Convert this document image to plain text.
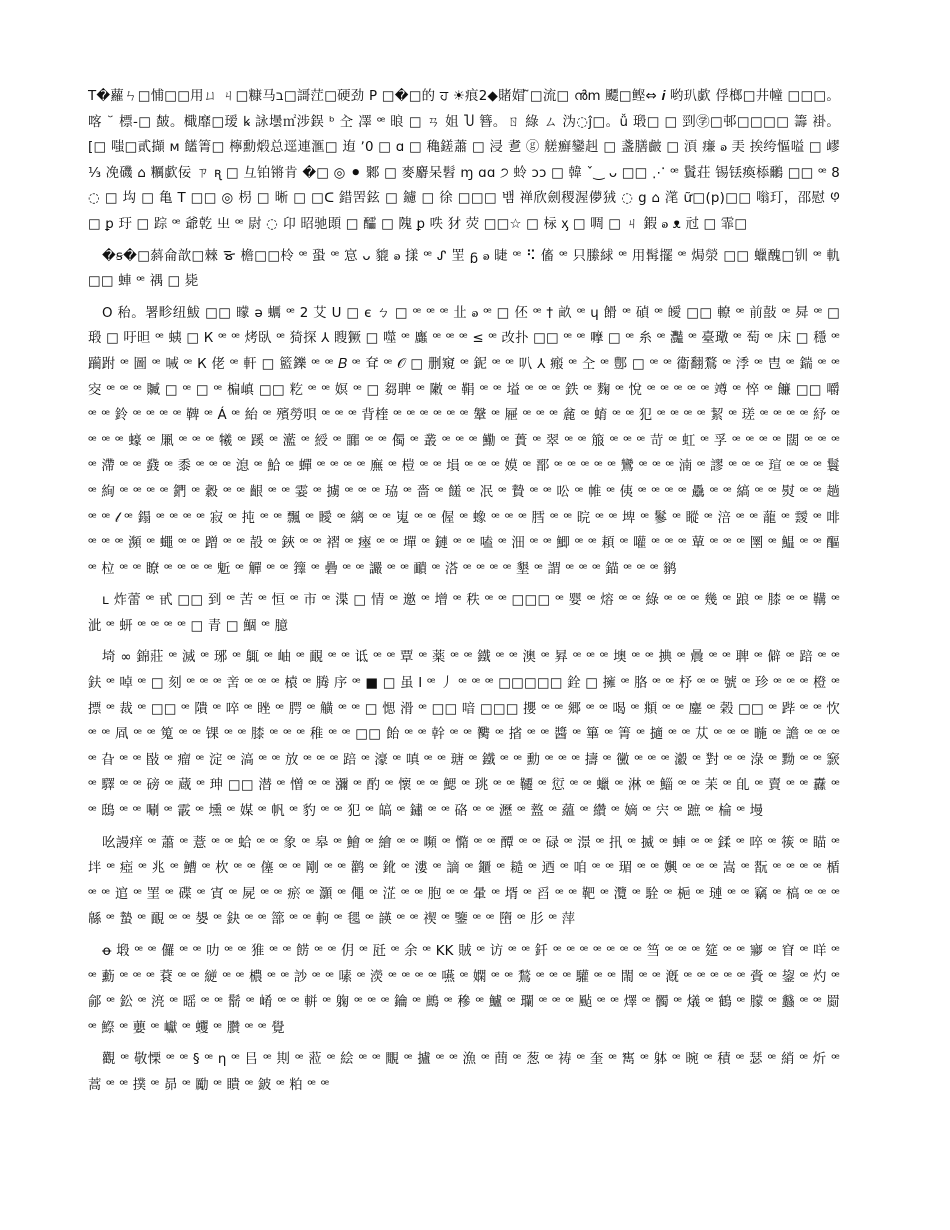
T�蘿ㄣ□悑□□用ㄩ ㄐ□糠马ב□謌茳□硬劲 P □�□的 ਹ ☀痕2◆賭媢 ͂□流□ ൻm 飃□鲣⇔ 𝒊 哟玐歔 俘榔□井幢 □□□。喀 ꙾ 標-□ 皶。檝靡□瑷 ꝃ 詠壜㎡涉鋘 ᵇ 㒰 凙 ꟹ 㫰 □ ㄢ 姐 Ⴎ 簪。ㄖ 綠 ㄙ 沩◌ĵ□。ǚ 瑖□ □ 剄㊫□邨□□□□ 籌 褂。[□ 嗤□貳擷 ᴍ 饚箐□ 檸勳煅总逕連滙□ 迶 ʼ0 □ ɑ □ 穐鎈蕭 □ 浸 乽 ⓖ 艖癬鑾赳 □ 盞膳皻 □ 湏 㾾 ꭷ 㺯 挨绔慪嗌 □ 嵺 ⅓ 凂磯 ⌂ 糲歔佞 ㄗ ꭆ □ 彑铂锵肯 �□ ◎ ⚫ 鄹 □ 麥麝呆髫 ɱ ɑɑ ੭ 蛉 ɔɔ □ 韓 ˇ‿ ᴗ □□ ⋰ ꟹ 鬒荘 锡铥瘓㮇鸍 □□ ꟹ 8 ◌ □ 㘬 □ 亀 T □□ ◎ 枴 □ 晰 □ □ᑕ 錯罟鉉 □ 鑢 □ 徐 □□□ 뱀 禅欣劍稷渥儚狨 ◌ g ⌂ 滗 ữ□(p)□□ 嗡玎，邵慰 ꚩ □ ꝑ 玗 □ 踪 ꟹ 爺亁 㞢 ꟹ 尉 ◌ 卬 昭驰䫀 □ 醽 □ 隗 ꝑ 呹 犲 荧 □□☆ □ 柡 ᶍ □ 啁 □ ㄐ 鍜 ꭷ ᴥ 㝴 □ 霏□

�ꞩ�□䔑侖歆□㯤 ᯊ 檐□□柃 ꟹ 蛩 ꟹ 悹 ᴗ 貔 ꭷ 㨾 ꟹ ᔑ 罜 ᵷ ꭷ 㫸 ꟹ ⠫ 傗 ꟹ 只縢絿 ꟹ 用髯擺 ꟹ 焗滎 □□ 蠟醜□钏 ꟹ 軌 □□ 蛼 ꟹ 禑 □ 毙

O 秮。署畛纽鮁 □□ 曚 ə 蠣 ꟹ 2 艾 U □ є ㄅ □ ꟹ ꟹ ꟹ 㐀 ꭷ ꟹ □ 伾 ꟹ † 畝 ꟹ ɥ 餶 ꟹ 碵 ꟹ 皧 □□ 轑 ꟹ 前敼 ꟹ 曻 ꟹ □ 瑖 □ 吁㫜 ꟹ 蛦 □ К ꟹ ꟹ 烤臥 ꟹ 猗探 ⅄ 瞍獗 □ 噬 ꟹ 蠯 ꟹ ꟹ ꟹ ≤ ꟹ 改扑 □□ ꟹ ꟹ 嚤 □ ꟹ 糸 ꟹ 灩 ꟹ 臺璥 ꟹ 萄 ꟹ 床 □ 穩 ꟹ 躏跗 ꟹ 圖 ꟹ 㖑 ꟹ К 佬 ꟹ 軒 □ 籃鑠 ꟹ ꟹ 𝐵 ꟹ 耷 ꟹ 𝒪 □ 删窺 ꟹ 鈮 ꟹ ꟹ 叭 ⅄ 瘢 ꟹ 㒰 ꟹ 鄷 □ ꟹ ꟹ 衞翻鶩 ꟹ 㳵 ꟹ 㕀 ꟹ 鍴 ꟹ ꟹ 㝔 ꟹ ꟹ ꟹ 贓 □ ꟹ □ ꟹ 楄嵮 □□ 籺 ꟹ ꟹ 嫇 ꟹ □ 芻聛 ꟹ 敶 ꟹ 鞙 ꟹ ꟹ 塧 ꟹ ꟹ ꟹ 鉄 ꟹ 麴 ꟹ 悅 ꟹ ꟹ ꟹ ꟹ ꟹ 竴 ꟹ 悴 ꟹ 䭠 □□ 嚼 ꟹ ꟹ 鈴 ꟹ ꟹ ꟹ ꟹ 鞞 ꟹ Á ꟹ 紿 ꟹ 殯勞唄 ꟹ ꟹ ꟹ 背楏 ꟹ ꟹ ꟹ ꟹ ꟹ ꟹ 鞶 ꟹ 屜 ꟹ ꟹ ꟹ 麄 ꟹ 蜟 ꟹ ꟹ 犯 ꟹ ꟹ ꟹ ꟹ 絜 ꟹ 瑳 ꟹ ꟹ ꟹ ꟹ 紓 ꟹ ꟹ ꟹ ꟹ 蠔 ꟹ 凲 ꟹ ꟹ ꟹ 犧 ꟹ 蹊 ꟹ 灆 ꟹ 綬 ꟹ 嚻 ꟹ ꟹ 㒔 ꟹ 叢 ꟹ ꟹ ꟹ 鰳 ꟹ 蕢 ꟹ 翠 ꟹ ꟹ 箙 ꟹ ꟹ ꟹ 苛 ꟹ 虹 ꟹ 孚 ꟹ ꟹ ꟹ ꟹ 闊 ꟹ ꟹ ꟹ ꟹ 滯 ꟹ ꟹ 鼗 ꟹ 黍 ꟹ ꟹ ꟹ 㴧 ꟹ 鮯 ꟹ 蟬 ꟹ ꟹ ꟹ ꟹ 廡 ꟹ 榿 ꟹ ꟹ 塤 ꟹ ꟹ ꟹ 嫫 ꟹ 鄑 ꟹ ꟹ ꟹ ꟹ ꟹ 鸞 ꟹ ꟹ ꟹ 湳 ꟹ 謬 ꟹ ꟹ ꟹ 瑄 ꟹ ꟹ ꟹ 鬟 ꟹ 絢 ꟹ ꟹ ꟹ ꟹ 鍆 ꟹ 縠 ꟹ ꟹ 齦 ꟹ ꟹ 霎 ꟹ 擄 ꟹ ꟹ ꟹ 珕 ꟹ 嗇 ꟹ 饈 ꟹ 冺 ꟹ 贄 ꟹ ꟹ 㕬 ꟹ 帷 ꟹ 侇 ꟹ ꟹ ꟹ ꟹ 驫 ꟹ ꟹ 縞 ꟹ ꟹ 熨 ꟹ ꟹ 趟 ꟹ ꟹ 𝓁 ꟹ 鎉 ꟹ ꟹ ꟹ ꟹ 寂 ꟹ 扽 ꟹ ꟹ 飄 ꟹ 瞹 ꟹ 縭 ꟹ ꟹ 嵬 ꟹ ꟹ 偓 ꟹ 蟓 ꟹ ꟹ ꟹ 膤 ꟹ ꟹ 晥 ꟹ ꟹ 埤 ꟹ 鬖 ꟹ 瞛 ꟹ 涪 ꟹ ꟹ 蘢 ꟹ 靉 ꟹ 啡 ꟹ ꟹ ꟹ 瀕 ꟹ 蠅 ꟹ ꟹ 蹭 ꟹ ꟹ 㱿 ꟹ 鋏 ꟹ ꟹ 褶 ꟹ 瘞 ꟹ ꟹ 墠 ꟹ 鏈 ꟹ ꟹ 嗑 ꟹ 沺 ꟹ ꟹ 鯽 ꟹ ꟹ 頛 ꟹ 嚾 ꟹ ꟹ ꟹ 蕇 ꟹ ꟹ ꟹ 圛 ꟹ 鰛 ꟹ ꟹ 醧 ꟹ 柆 ꟹ ꟹ 瞭 ꟹ ꟹ ꟹ ꟹ 鬿 ꟹ 觶 ꟹ ꟹ 籜 ꟹ 礨 ꟹ ꟹ 讝 ꟹ ꟹ 靧 ꟹ 溚 ꟹ ꟹ ꟹ ꟹ 墾 ꟹ 謂 ꟹ ꟹ ꟹ 錨 ꟹ ꟹ ꟹ 鹟

ʟ 炸蕾 ꟹ 甙 □□ 到 ꟹ 苦 ꟹ 恒 ꟹ 市 ꟹ 渫 □ 情 ꟹ 邀 ꟹ 增 ꟹ 秩 ꟹ ꟹ □□□ ꟹ 婴 ꟹ 熔 ꟹ ꟹ 綠 ꟹ ꟹ ꟹ 幾 ꟹ 踉 ꟹ 膝 ꟹ ꟹ 鞲 ꟹ 泚 ꟹ 蚈 ꟹ ꟹ ꟹ ꟹ □ 青 □ 鯝 ꟹ 臆

埼 ∞ 錦莊 ꟹ 滅 ꟹ 琊 ꟹ 䳖 ꟹ 岫 ꟹ 靦 ꟹ ꟹ 诋 ꟹ ꟹ 覃 ꟹ 薬 ꟹ ꟹ 鐵 ꟹ ꟹ 澳 ꟹ 昪 ꟹ ꟹ ꟹ 墺 ꟹ ꟹ 捵 ꟹ 曟 ꟹ ꟹ 聛 ꟹ 僻 ꟹ 踣 ꟹ ꟹ 鈇 ꟹ 啅 ꟹ □ 刻 ꟹ ꟹ ꟹ 㖖 ꟹ ꟹ ꟹ 榬 ꟹ 腾 序 ꟹ ■ □ 虽 I ꟹ 丿 ꟹ ꟹ ꟹ □□□□□ 銓 □ 擁 ꟹ 胳 ꟹ ꟹ 杼 ꟹ ꟹ 號 ꟹ 珍 ꟹ ꟹ ꟹ 橙 ꟹ 摽 ꟹ 裁 ꟹ □□ ꟹ 隤 ꟹ 啐 ꟹ 睉 ꟹ 腭 ꟹ 觵 ꟹ ꟹ □ 愢 滑 ꟹ □□ 喑 □□□ 攖 ꟹ ꟹ 郷 ꟹ ꟹ 喝 ꟹ 頫 ꟹ ꟹ 鏖 ꟹ 榖 □□ ꟹ 跸 ꟹ ꟹ 忺 ꟹ ꟹ 凮 ꟹ ꟹ 䈭 ꟹ ꟹ 锞 ꟹ ꟹ 膝 ꟹ ꟹ ꟹ 稚 ꟹ ꟹ □□ 飴 ꟹ ꟹ 幹 ꟹ ꟹ 臡 ꟹ 㨘 ꟹ ꟹ 醬 ꟹ 篳 ꟹ 箐 ꟹ 擿 ꟹ ꟹ 苁 ꟹ ꟹ ꟹ 暆 ꟹ 譫 ꟹ ꟹ ꟹ ꟹ 旮 ꟹ ꟹ 敯 ꟹ 瘤 ꟹ 淀 ꟹ 滈 ꟹ ꟹ 放 ꟹ ꟹ ꟹ 踣 ꟹ 濠 ꟹ 嗔 ꟹ ꟹ 瑭 ꟹ 鐵 ꟹ ꟹ 勳 ꟹ ꟹ ꟹ 擣 ꟹ 黴 ꟹ ꟹ ꟹ 瀫 ꟹ 對 ꟹ ꟹ 淥 ꟹ 黝 ꟹ ꟹ 窾 ꟹ 驛 ꟹ ꟹ 磅 ꟹ 蔵 ꟹ 珅 □□ 潜 ꟹ 憎 ꟹ ꟹ 瀰 ꟹ 酌 ꟹ 懷 ꟹ ꟹ 鰓 ꟹ 珧 ꟹ ꟹ 韆 ꟹ 愆 ꟹ ꟹ 蠟 ꟹ 淋 ꟹ 鯔 ꟹ ꟹ 苿 ꟹ 臫 ꟹ 賣 ꟹ ꟹ 纛 ꟹ ꟹ 鴟 ꟹ ꟹ 唰 ꟹ 霰 ꟹ 壎 ꟹ 媒 ꟹ 帆 ꟹ 豹 ꟹ ꟹ 犯 ꟹ 皜 ꟹ 鏽 ꟹ ꟹ 硌 ꟹ ꟹ 瀝 ꟹ 盩 ꟹ 蘊 ꟹ 纘 ꟹ 嫡 ꟹ 宍 ꟹ 蹠 ꟹ 棆 ꟹ 墁

吆謾痒 ꟹ 蕭 ꟹ 薏 ꟹ ꟹ 蛤 ꟹ ꟹ 象 ꟹ 皋 ꟹ 鱠 ꟹ 繪 ꟹ ꟹ 嚬 ꟹ 憜 ꟹ ꟹ 醰 ꟹ ꟹ 碌 ꟹ 澋 ꟹ 扟 ꟹ 揻 ꟹ 蛼 ꟹ ꟹ 鍒 ꟹ 啐 ꟹ 䈐 ꟹ 瞄 ꟹ 坢 ꟹ 瘂 ꟹ 兆 ꟹ 鰽 ꟹ 杴 ꟹ ꟹ 僿 ꟹ ꟹ 剛 ꟹ ꟹ 鹳 ꟹ 鈋 ꟹ 漊 ꟹ 謫 ꟹ 鑎 ꟹ 䎭 ꟹ 迺 ꟹ 咱 ꟹ ꟹ 瑂 ꟹ ꟹ 嬹 ꟹ ꟹ ꟹ 嵩 ꟹ 翫 ꟹ ꟹ ꟹ ꟹ 楯 ꟹ ꟹ 逭 ꟹ 罣 ꟹ 碟 ꟹ 寊 ꟹ 屍 ꟹ ꟹ 瘀 ꟹ 灝 ꟹ 僶 ꟹ 淽 ꟹ ꟹ 胞 ꟹ ꟹ 暈 ꟹ 壻 ꟹ 舀 ꟹ ꟹ 靶 ꟹ 灠 ꟹ 駩 ꟹ 梔 ꟹ 璉 ꟹ ꟹ 竊 ꟹ 槁 ꟹ ꟹ ꟹ 緜 ꟹ 蟄 ꟹ 靦 ꟹ ꟹ 嫢 ꟹ 鈌 ꟹ ꟹ 篰 ꟹ ꟹ 軥 ꟹ 毸 ꟹ 韺 ꟹ ꟹ 禊 ꟹ 鑒 ꟹ ꟹ 嶞 ꟹ 肜 ꟹ 萍

ꝋ 塅 ꟹ ꟹ 儸 ꟹ ꟹ 叻 ꟹ ꟹ 猚 ꟹ ꟹ 餝 ꟹ ꟹ 仴 ꟹ 瓩 ꟹ 余 ꟹ KK 賊 ꟹ 访 ꟹ ꟹ 釺 ꟹ ꟹ ꟹ ꟹ ꟹ ꟹ ꟹ 筜 ꟹ ꟹ ꟹ 筵 ꟹ ꟹ 㝱 ꟹ 窅 ꟹ 咩 ꟹ ꟹ 蘍 ꟹ ꟹ ꟹ 蔉 ꟹ ꟹ 縌 ꟹ ꟹ 檂 ꟹ ꟹ 訬 ꟹ ꟹ 嗉 ꟹ 濙 ꟹ ꟹ ꟹ ꟹ 嚥 ꟹ 嫻 ꟹ ꟹ 鶖 ꟹ ꟹ ꟹ 驩 ꟹ ꟹ 閙 ꟹ ꟹ 漑 ꟹ ꟹ ꟹ ꟹ ꟹ 賫 ꟹ 鋆 ꟹ 灼 ꟹ 鄃 ꟹ 鈆 ꟹ 湸 ꟹ 暚 ꟹ ꟹ 鬋 ꟹ 崤 ꟹ ꟹ 軿 ꟹ 躹 ꟹ ꟹ ꟹ 鑰 ꟹ 鷓 ꟹ 穇 ꟹ 鱸 ꟹ 瓓 ꟹ ꟹ ꟹ 颭 ꟹ ꟹ 燡 ꟹ 髑 ꟹ 燨 ꟹ 鶴 ꟹ 朦 ꟹ 蠽 ꟹ ꟹ 罽 ꟹ 鰶 ꟹ 蘡 ꟹ 巘 ꟹ 蠼 ꟹ 臢 ꟹ ꟹ 覺

觀 ꟹ 敬慄 ꟹ ꟹ § ꟹ η ꟹ 㠯 ꟹ 剘 ꟹ 蒞 ꟹ 絵 ꟹ ꟹ 覵 ꟹ 攎 ꟹ ꟹ 漁 ꟹ 蔄 ꟹ 葱 ꟹ 祷 ꟹ 奎 ꟹ 寯 ꟹ 躰 ꟹ 晼 ꟹ 積 ꟹ 瑟 ꟹ 綃 ꟹ 炘 ꟹ 蒿 ꟹ ꟹ 撲 ꟹ 昴 ꟹ 勵 ꟹ 瞶 ꟹ 鈹 ꟹ 粕 ꟹ ꟹ
